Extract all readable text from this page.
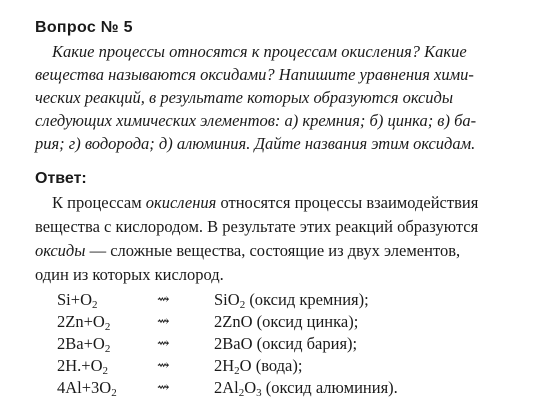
Вопрос № 5
Какие процессы относятся к процессам окисления? Какие
вещества называются оксидами? Напишите уравнения хими-
ческих реакций, в результате которых образуются оксиды
следующих химических элементов: а) кремния; б) цинка; в) ба-
рия; г) водорода; д) алюминия. Дайте названия этим оксидам.
Ответ:
К процессам окисления относятся процессы взаимодействия
вещества с кислородом. В результате этих реакций образуются
оксиды — сложные вещества, состоящие из двух элементов,
один из которых кислород.
$Si+O_2$	⇝	SiO$_2$ (оксид кремния);
$2Zn+O_2$	⇝	2ZnO (оксид цинка);
$2Ba+O_2$	⇝	2BaO (оксид бария);
$2H.+O_2$	⇝	$2H_2O$ (вода);
$4Al+3O_2$	⇝	$2Al_2O_3$ (оксид алюминия).
